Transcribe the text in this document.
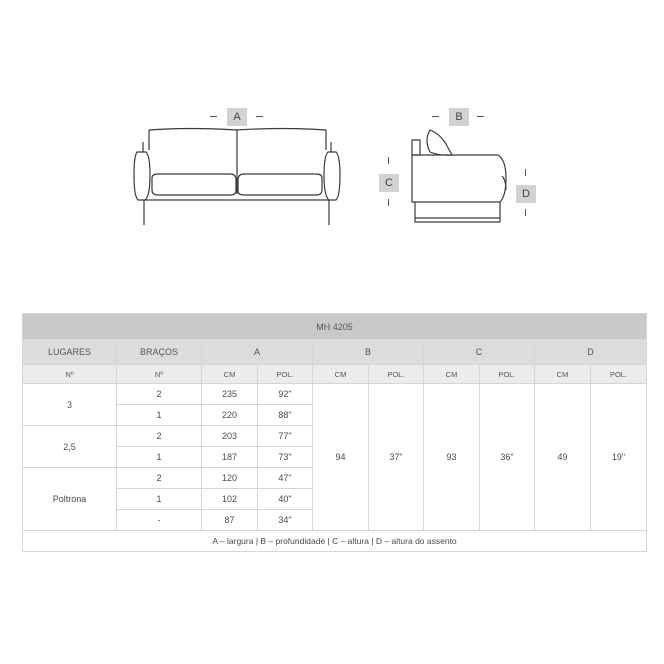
A	B
C
D
MH 4205									
LUGARES	BRAÇOS	A		B		C		D	
Nº	Nº	CM	POL.	CM	POL.	CM	POL.	CM	POL.
3	2	235	92"	94	37"	93	36"	49	19"
	1	220	88"						
2,5	2	203	77"						
	1	187	73"						
Poltrona	2	120	47"						
	1	102	40"						
	-	87	34"						
A – largura | B – profundidade | C – altura | D – altura do assento									
